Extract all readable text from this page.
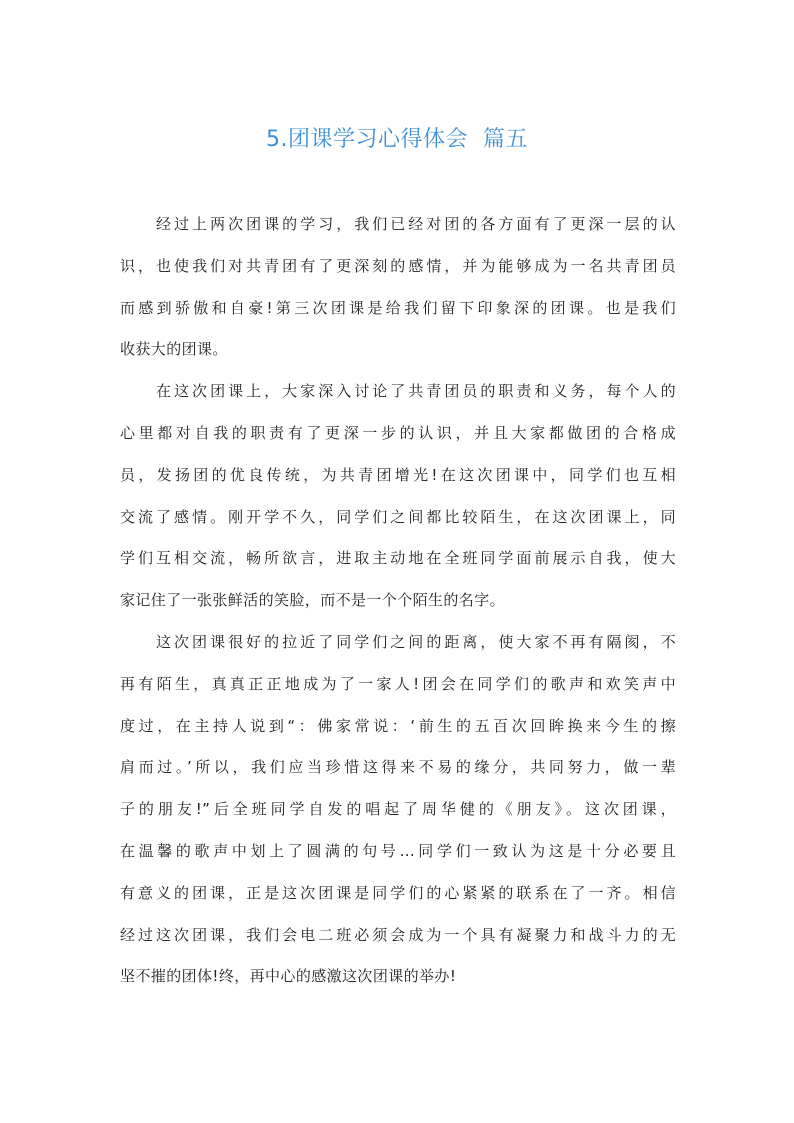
5.团课学习心得体会  篇五
经过上两次团课的学习，我们已经对团的各方面有了更深一层的认
识，也使我们对共青团有了更深刻的感情，并为能够成为一名共青团员
而感到骄傲和自豪!第三次团课是给我们留下印象深的团课。也是我们
收获大的团课。
在这次团课上，大家深入讨论了共青团员的职责和义务，每个人的
心里都对自我的职责有了更深一步的认识，并且大家都做团的合格成
员，发扬团的优良传统，为共青团增光!在这次团课中，同学们也互相
交流了感情。刚开学不久，同学们之间都比较陌生，在这次团课上，同
学们互相交流，畅所欲言，进取主动地在全班同学面前展示自我，使大
家记住了一张张鲜活的笑脸，而不是一个个陌生的名字。
这次团课很好的拉近了同学们之间的距离，使大家不再有隔阂，不
再有陌生，真真正正地成为了一家人!团会在同学们的歌声和欢笑声中
度过，在主持人说到“：佛家常说：‘前生的五百次回眸换来今生的擦
肩而过。’所以，我们应当珍惜这得来不易的缘分，共同努力，做一辈
子的朋友!”后全班同学自发的唱起了周华健的《朋友》。这次团课，
在温馨的歌声中划上了圆满的句号...同学们一致认为这是十分必要且
有意义的团课，正是这次团课是同学们的心紧紧的联系在了一齐。相信
经过这次团课，我们会电二班必须会成为一个具有凝聚力和战斗力的无
坚不摧的团体!终，再中心的感激这次团课的举办!
